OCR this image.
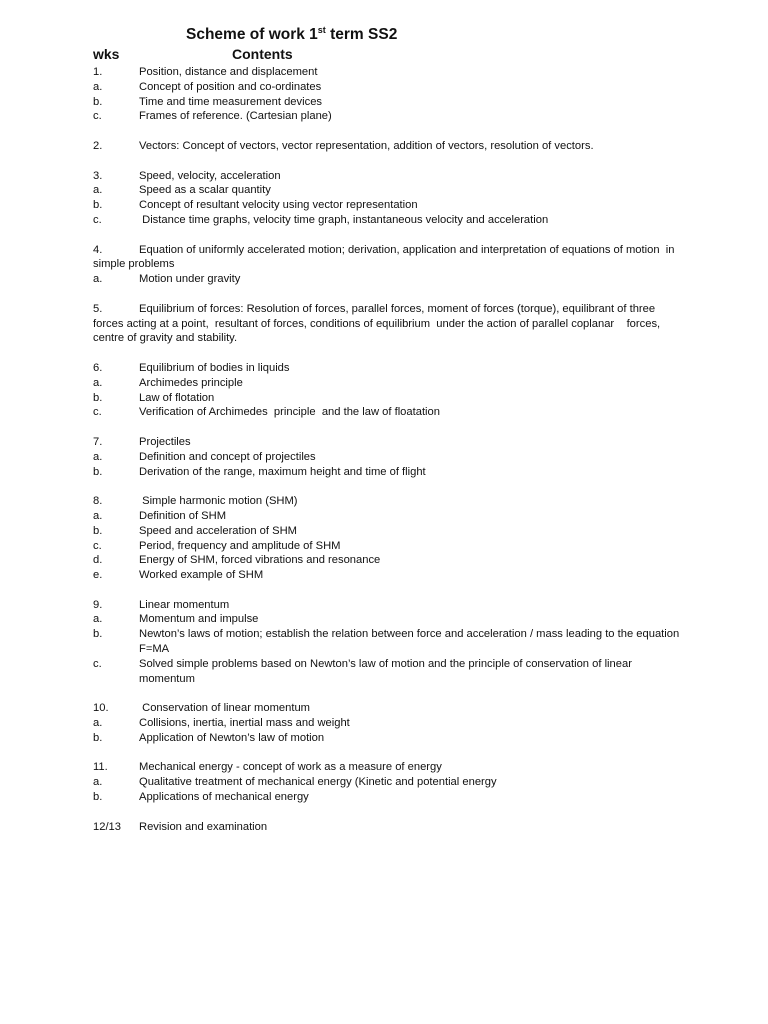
Scheme of work 1st term SS2
wks	Contents
1.	Position, distance and displacement
a.	Concept of position and co-ordinates
b.	Time and time measurement devices
c.	Frames of reference. (Cartesian plane)
2.	Vectors: Concept of vectors, vector representation, addition of vectors, resolution of vectors.
3.	Speed, velocity, acceleration
a.	Speed as a scalar quantity
b.	Concept of resultant velocity using vector representation
c.	Distance time graphs, velocity time graph, instantaneous velocity and acceleration
4.	Equation of uniformly accelerated motion; derivation, application and interpretation of equations of motion  in simple problems
a.	Motion under gravity
5.	Equilibrium of forces: Resolution of forces, parallel forces, moment of forces (torque), equilibrant of three forces acting at a point,  resultant of forces, conditions of equilibrium  under the action of parallel coplanar    forces, centre of gravity and stability.
6.	Equilibrium of bodies in liquids
a.	Archimedes principle
b.	Law of flotation
c.	Verification of Archimedes  principle  and the law of floatation
7.	Projectiles
a.	Definition and concept of projectiles
b.	Derivation of the range, maximum height and time of flight
8.	Simple harmonic motion (SHM)
a.	Definition of SHM
b.	Speed and acceleration of SHM
c.	Period, frequency and amplitude of SHM
d.	Energy of SHM, forced vibrations and resonance
e.	Worked example of SHM
9.	Linear momentum
a.	Momentum and impulse
b.	Newton’s laws of motion; establish the relation between force and acceleration / mass leading to the equation F=MA
c.	Solved simple problems based on Newton’s law of motion and the principle of conservation of linear momentum
10.	Conservation of linear momentum
a.	Collisions, inertia, inertial mass and weight
b.	Application of Newton’s law of motion
11.	Mechanical energy - concept of work as a measure of energy
a.	Qualitative treatment of mechanical energy (Kinetic and potential energy
b.	Applications of mechanical energy
12/13 Revision and examination
